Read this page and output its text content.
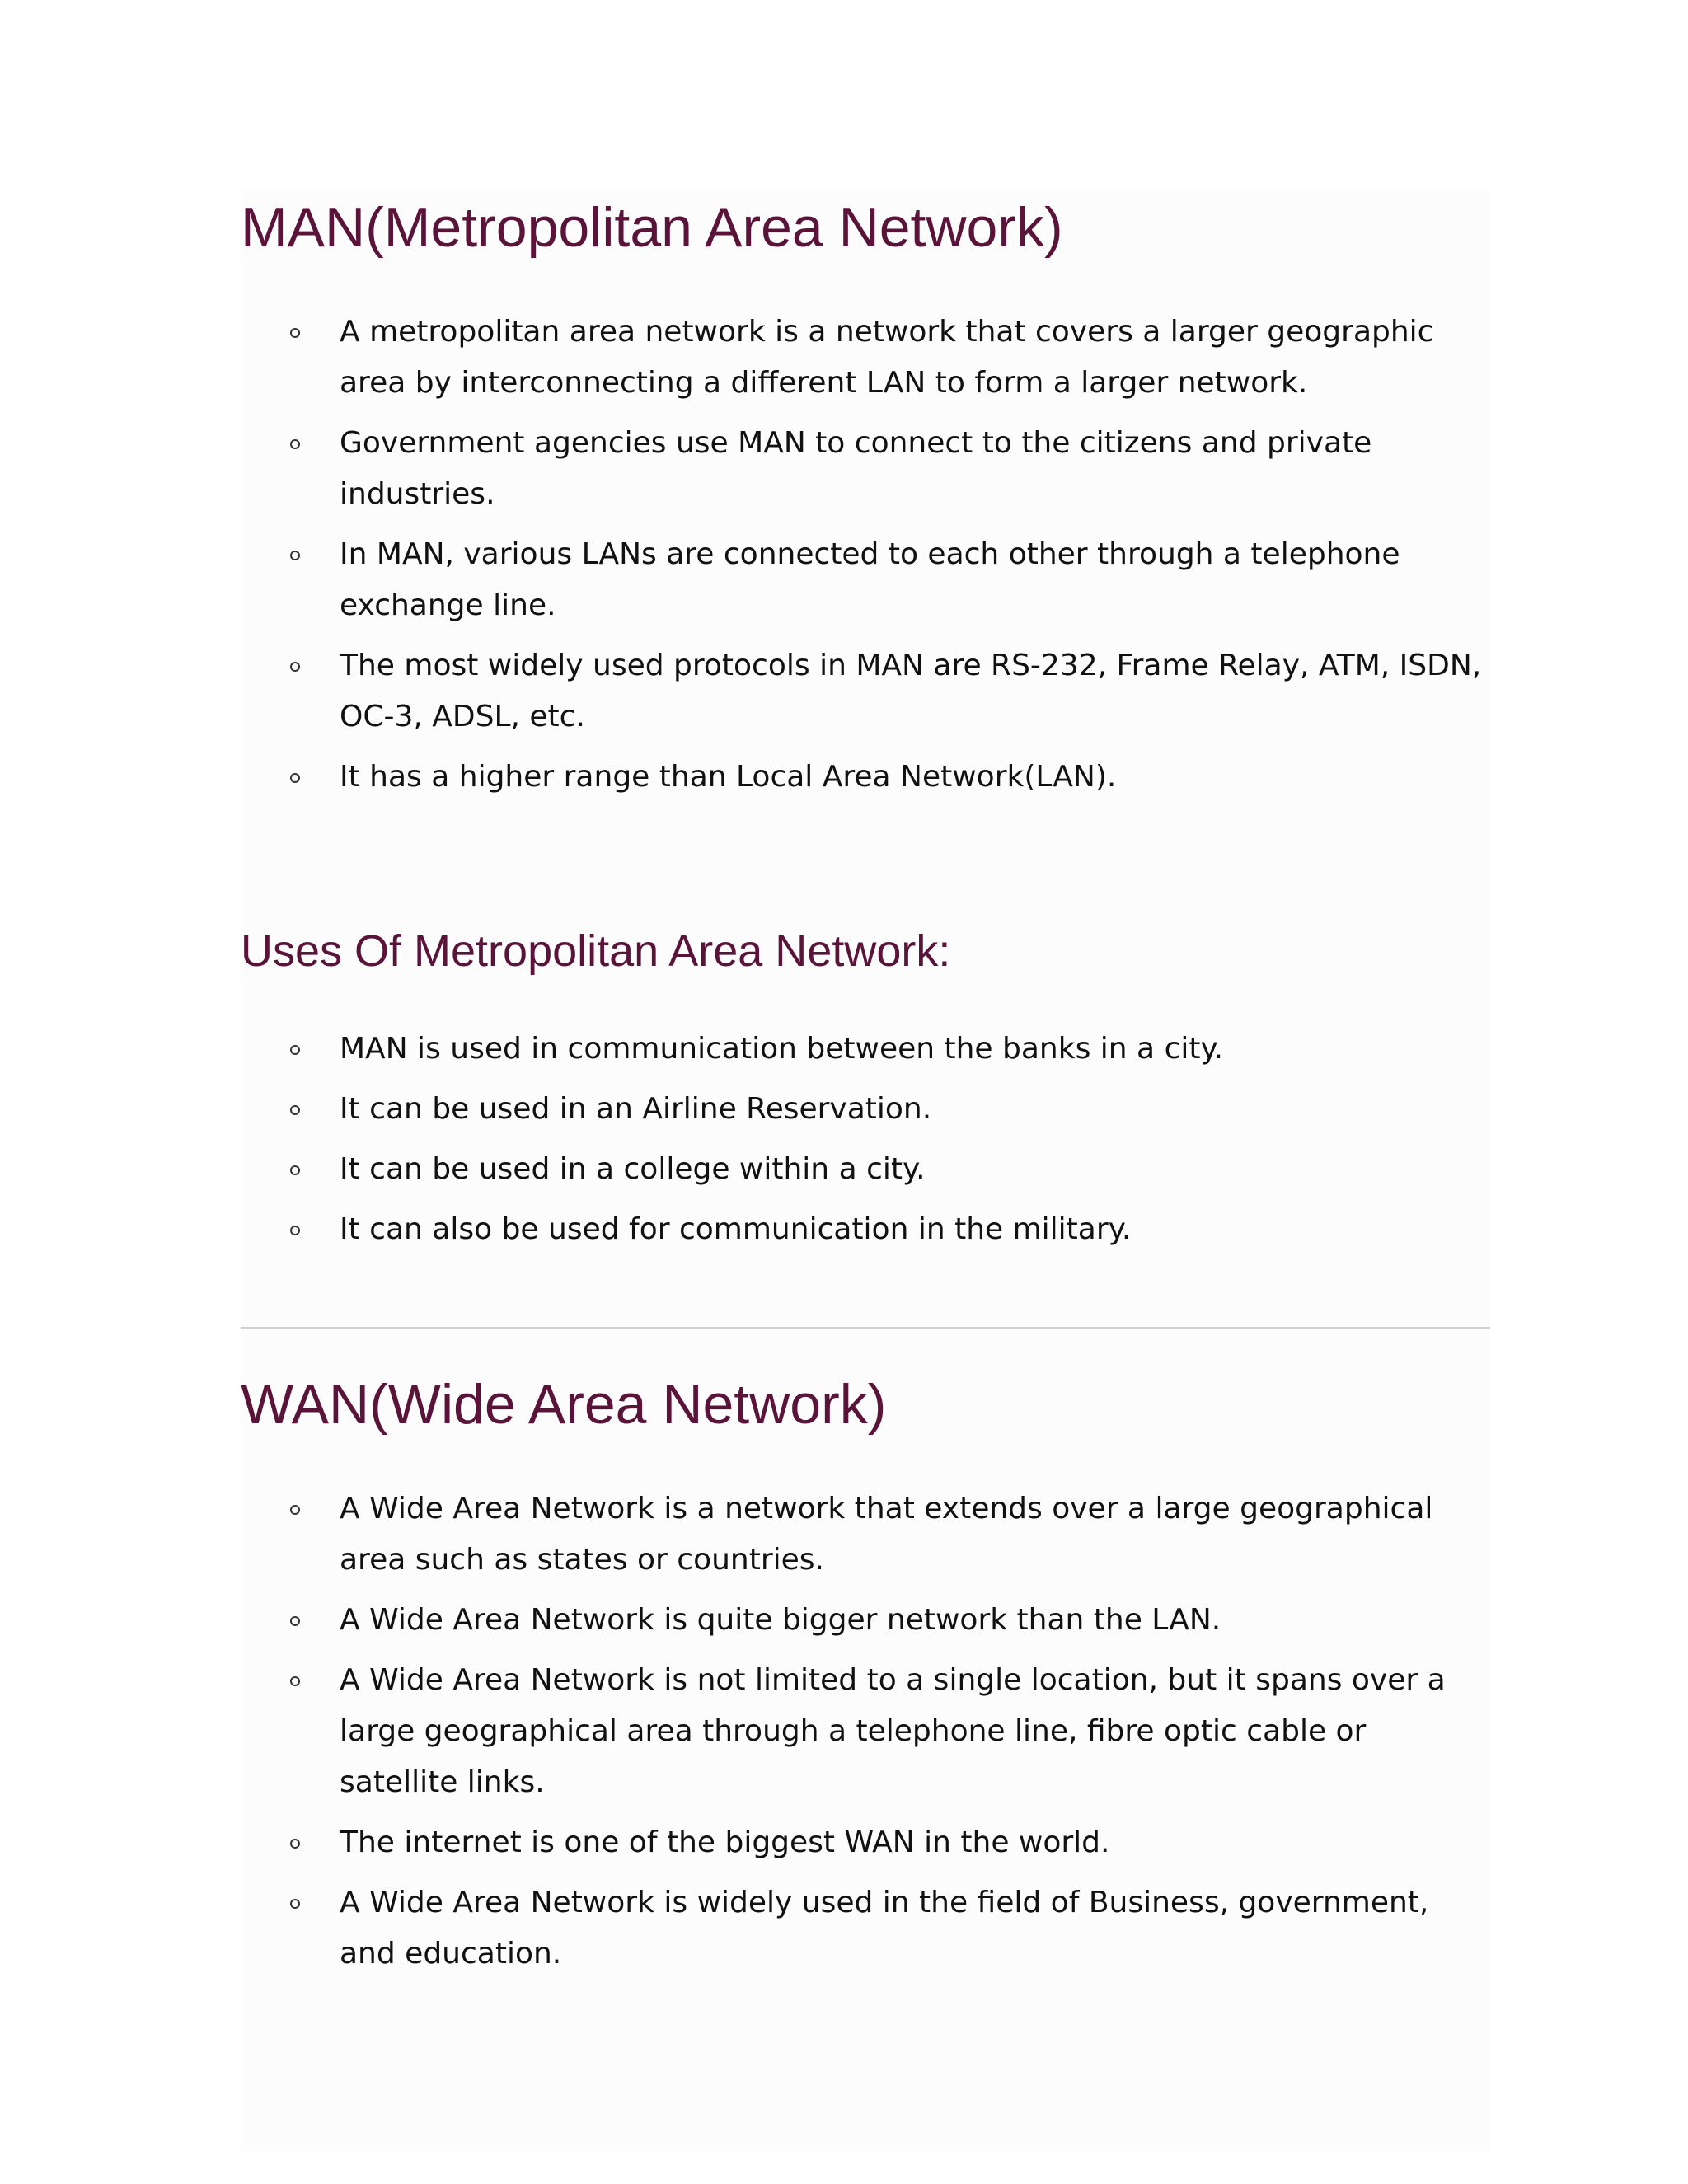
MAN(Metropolitan Area Network)
A metropolitan area network is a network that covers a larger geographic area by interconnecting a different LAN to form a larger network.
Government agencies use MAN to connect to the citizens and private industries.
In MAN, various LANs are connected to each other through a telephone exchange line.
The most widely used protocols in MAN are RS-232, Frame Relay, ATM, ISDN, OC-3, ADSL, etc.
It has a higher range than Local Area Network(LAN).
Uses Of Metropolitan Area Network:
MAN is used in communication between the banks in a city.
It can be used in an Airline Reservation.
It can be used in a college within a city.
It can also be used for communication in the military.
WAN(Wide Area Network)
A Wide Area Network is a network that extends over a large geographical area such as states or countries.
A Wide Area Network is quite bigger network than the LAN.
A Wide Area Network is not limited to a single location, but it spans over a large geographical area through a telephone line, fibre optic cable or satellite links.
The internet is one of the biggest WAN in the world.
A Wide Area Network is widely used in the field of Business, government, and education.
